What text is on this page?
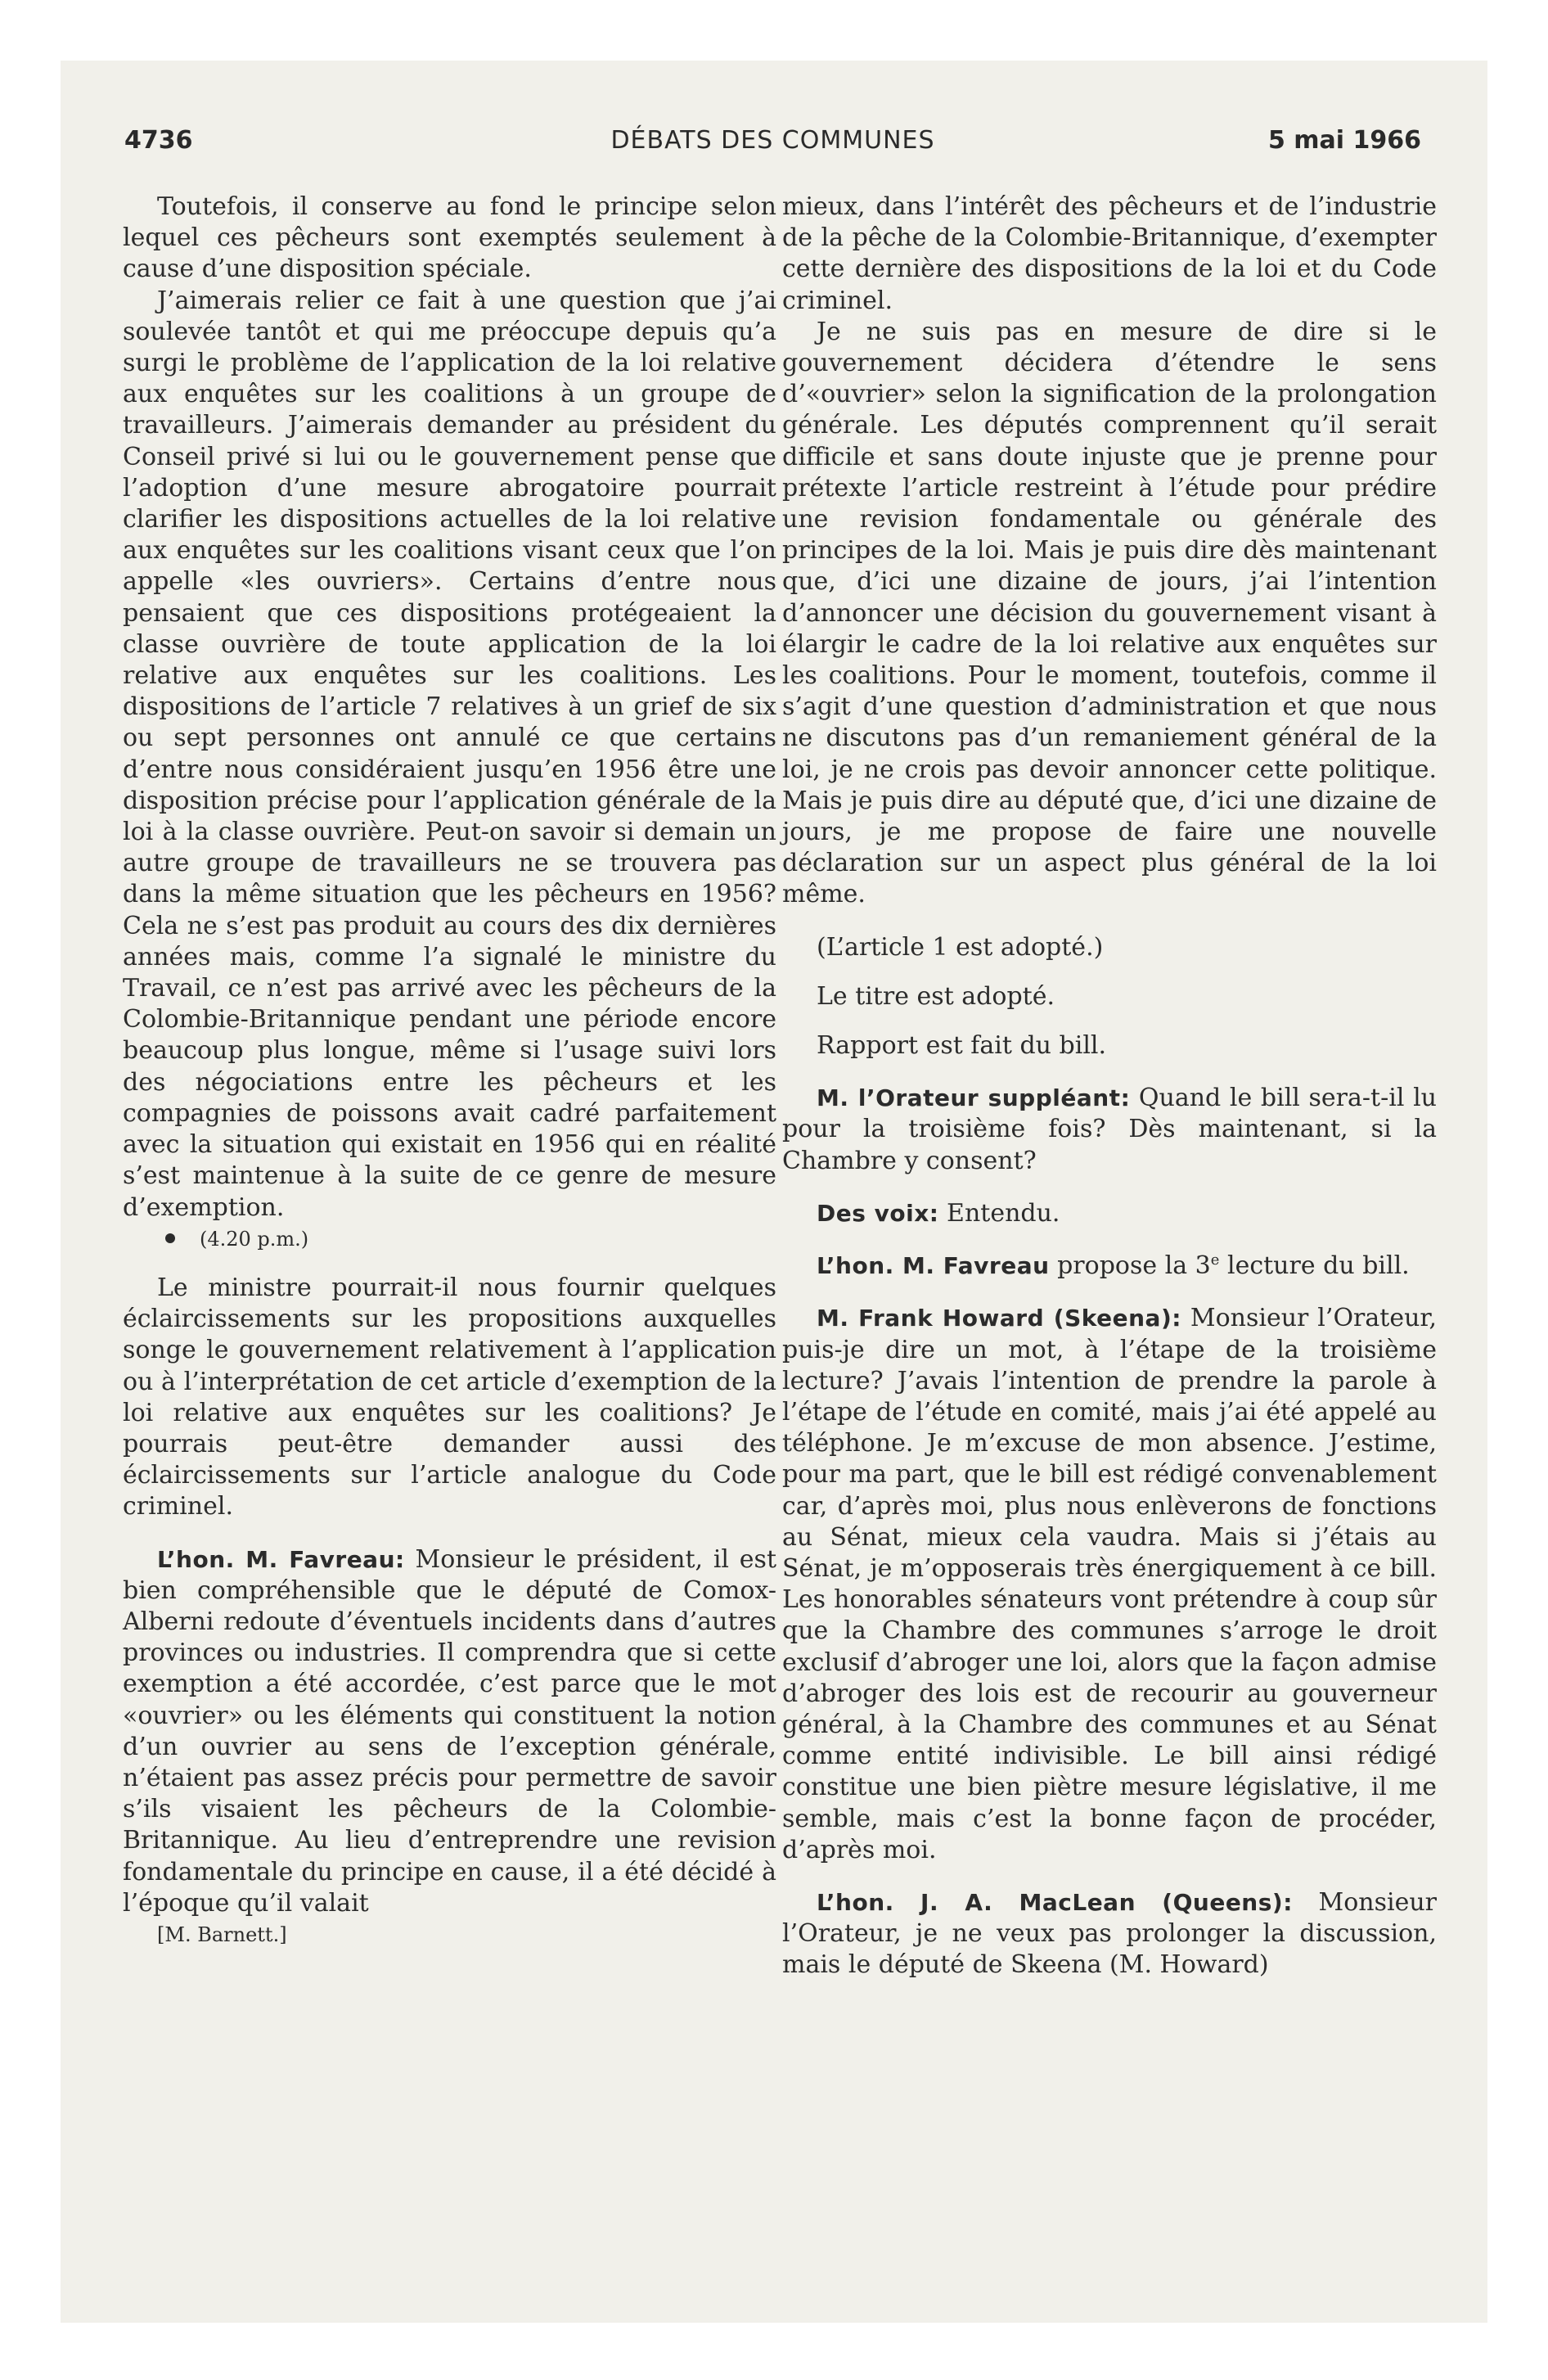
4736	DÉBATS DES COMMUNES	5 mai 1966

Toutefois, il conserve au fond le principe selon lequel ces pêcheurs sont exemptés seulement à cause d’une disposition spéciale.

J’aimerais relier ce fait à une question que j’ai soulevée tantôt et qui me préoccupe depuis qu’a surgi le problème de l’application de la loi relative aux enquêtes sur les coalitions à un groupe de travailleurs. J’aimerais demander au président du Conseil privé si lui ou le gouvernement pense que l’adoption d’une mesure abrogatoire pourrait clarifier les dispositions actuelles de la loi relative aux enquêtes sur les coalitions visant ceux que l’on appelle «les ouvriers». Certains d’entre nous pensaient que ces dispositions protégeaient la classe ouvrière de toute application de la loi relative aux enquêtes sur les coalitions. Les dispositions de l’article 7 relatives à un grief de six ou sept personnes ont annulé ce que certains d’entre nous considéraient jusqu’en 1956 être une disposition précise pour l’application générale de la loi à la classe ouvrière. Peut-on savoir si demain un autre groupe de travailleurs ne se trouvera pas dans la même situation que les pêcheurs en 1956? Cela ne s’est pas produit au cours des dix dernières années mais, comme l’a signalé le ministre du Travail, ce n’est pas arrivé avec les pêcheurs de la Colombie-Britannique pendant une période encore beaucoup plus longue, même si l’usage suivi lors des négociations entre les pêcheurs et les compagnies de poissons avait cadré parfaitement avec la situation qui existait en 1956 qui en réalité s’est maintenue à la suite de ce genre de mesure d’exemption.

(4.20 p.m.)

Le ministre pourrait-il nous fournir quelques éclaircissements sur les propositions auxquelles songe le gouvernement relativement à l’application ou à l’interprétation de cet article d’exemption de la loi relative aux enquêtes sur les coalitions? Je pourrais peut-être demander aussi des éclaircissements sur l’article analogue du Code criminel.

L’hon. M. Favreau: Monsieur le président, il est bien compréhensible que le député de Comox-Alberni redoute d’éventuels incidents dans d’autres provinces ou industries. Il comprendra que si cette exemption a été accordée, c’est parce que le mot «ouvrier» ou les éléments qui constituent la notion d’un ouvrier au sens de l’exception générale, n’étaient pas assez précis pour permettre de savoir s’ils visaient les pêcheurs de la Colombie-Britannique. Au lieu d’entreprendre une revision fondamentale du principe en cause, il a été décidé à l’époque qu’il valait

[M. Barnett.]

mieux, dans l’intérêt des pêcheurs et de l’industrie de la pêche de la Colombie-Britannique, d’exempter cette dernière des dispositions de la loi et du Code criminel.

Je ne suis pas en mesure de dire si le gouvernement décidera d’étendre le sens d’«ouvrier» selon la signification de la prolongation générale. Les députés comprennent qu’il serait difficile et sans doute injuste que je prenne pour prétexte l’article restreint à l’étude pour prédire une revision fondamentale ou générale des principes de la loi. Mais je puis dire dès maintenant que, d’ici une dizaine de jours, j’ai l’intention d’annoncer une décision du gouvernement visant à élargir le cadre de la loi relative aux enquêtes sur les coalitions. Pour le moment, toutefois, comme il s’agit d’une question d’administration et que nous ne discutons pas d’un remaniement général de la loi, je ne crois pas devoir annoncer cette politique. Mais je puis dire au député que, d’ici une dizaine de jours, je me propose de faire une nouvelle déclaration sur un aspect plus général de la loi même.

(L’article 1 est adopté.)

Le titre est adopté.

Rapport est fait du bill.

M. l’Orateur suppléant: Quand le bill sera-t-il lu pour la troisième fois? Dès maintenant, si la Chambre y consent?

Des voix: Entendu.

L’hon. M. Favreau propose la 3e lecture du bill.

M. Frank Howard (Skeena): Monsieur l’Orateur, puis-je dire un mot, à l’étape de la troisième lecture? J’avais l’intention de prendre la parole à l’étape de l’étude en comité, mais j’ai été appelé au téléphone. Je m’excuse de mon absence. J’estime, pour ma part, que le bill est rédigé convenablement car, d’après moi, plus nous enlèverons de fonctions au Sénat, mieux cela vaudra. Mais si j’étais au Sénat, je m’opposerais très énergiquement à ce bill. Les honorables sénateurs vont prétendre à coup sûr que la Chambre des communes s’arroge le droit exclusif d’abroger une loi, alors que la façon admise d’abroger des lois est de recourir au gouverneur général, à la Chambre des communes et au Sénat comme entité indivisible. Le bill ainsi rédigé constitue une bien piètre mesure législative, il me semble, mais c’est la bonne façon de procéder, d’après moi.

L’hon. J. A. MacLean (Queens): Monsieur l’Orateur, je ne veux pas prolonger la discussion, mais le député de Skeena (M. Howard)
